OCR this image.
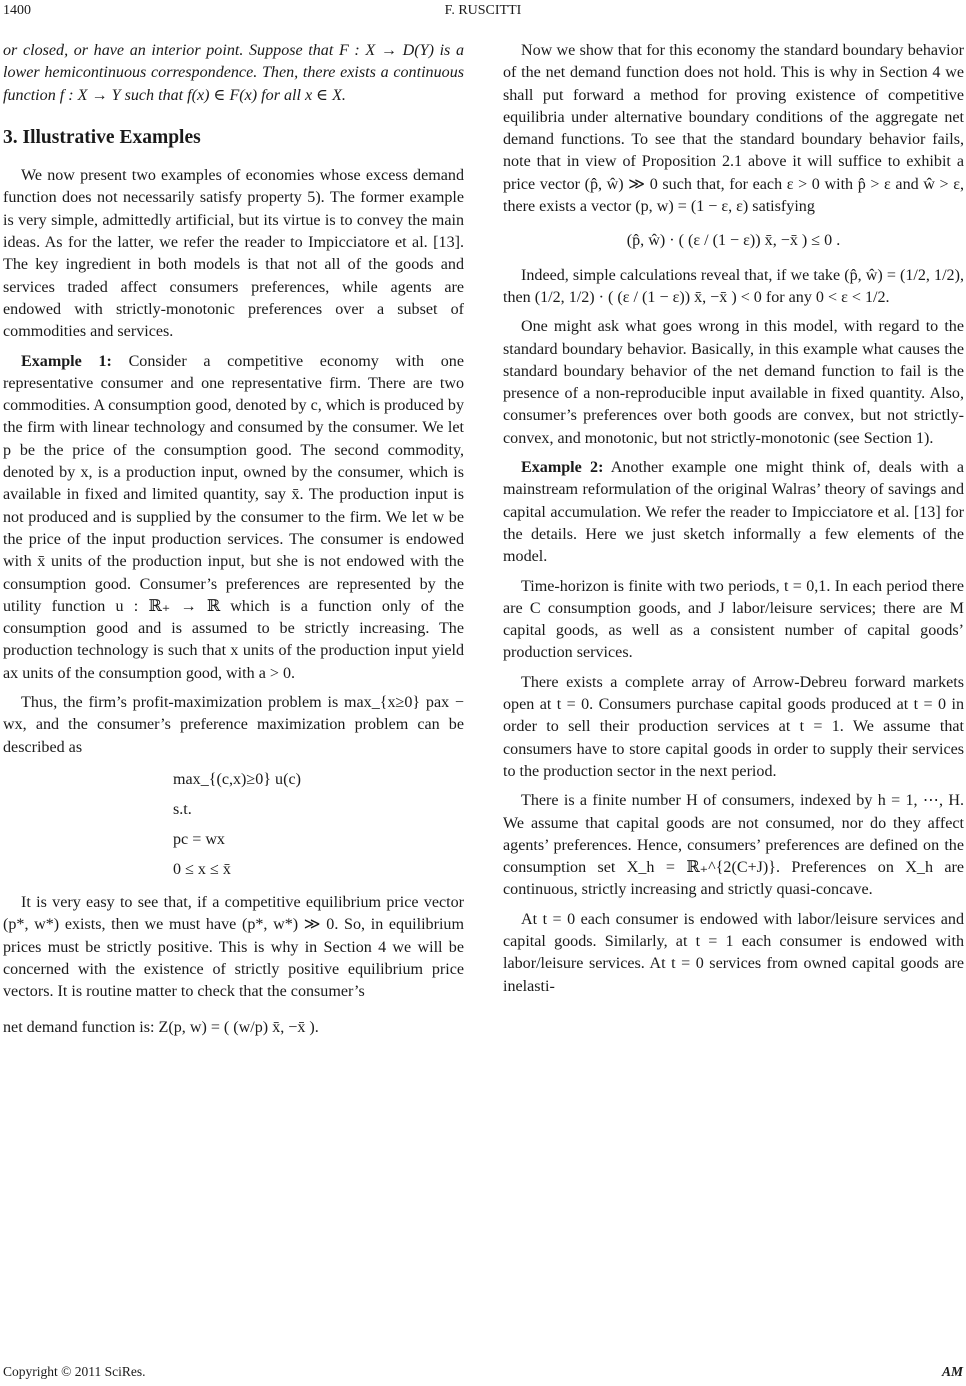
1400	F. RUSCITTI

or closed, or have an interior point. Suppose that F : X → D(Y) is a lower hemicontinuous correspondence. Then, there exists a continuous function f : X → Y such that f(x) ∈ F(x) for all x ∈ X.

3. Illustrative Examples

We now present two examples of economies whose excess demand function does not necessarily satisfy property 5). The former example is very simple, admittedly artificial, but its virtue is to convey the main ideas. As for the latter, we refer the reader to Impicciatore et al. [13]. The key ingredient in both models is that not all of the goods and services traded affect consumers preferences, while agents are endowed with strictly-monotonic preferences over a subset of commodities and services.

Example 1: Consider a competitive economy with one representative consumer and one representative firm. There are two commodities. A consumption good, denoted by c, which is produced by the firm with linear technology and consumed by the consumer. We let p be the price of the consumption good. The second commodity, denoted by x, is a production input, owned by the consumer, which is available in fixed and limited quantity, say x̄. The production input is not produced and is supplied by the consumer to the firm. We let w be the price of the input production services. The consumer is endowed with x̄ units of the production input, but she is not endowed with the consumption good. Consumer’s preferences are represented by the utility function u : ℝ₊ → ℝ which is a function only of the consumption good and is assumed to be strictly increasing. The production technology is such that x units of the production input yield ax units of the consumption good, with a > 0.

Thus, the firm’s profit-maximization problem is max_{x≥0} pax − wx, and the consumer’s preference maximization problem can be described as

max_{(c,x)≥0} u(c)
s.t.
pc = wx
0 ≤ x ≤ x̄

It is very easy to see that, if a competitive equilibrium price vector (p*, w*) exists, then we must have (p*, w*) ≫ 0. So, in equilibrium prices must be strictly positive. This is why in Section 4 we will be concerned with the existence of strictly positive equilibrium price vectors. It is routine matter to check that the consumer’s

net demand function is: Z(p, w) = ( (w/p) x̄, −x̄ ).

Now we show that for this economy the standard boundary behavior of the net demand function does not hold. This is why in Section 4 we shall put forward a method for proving existence of competitive equilibria under alternative boundary conditions of the aggregate net demand functions. To see that the standard boundary behavior fails, note that in view of Proposition 2.1 above it will suffice to exhibit a price vector (p̂, ŵ) ≫ 0 such that, for each ε > 0 with p̂ > ε and ŵ > ε, there exists a vector (p, w) = (1 − ε, ε) satisfying

(p̂, ŵ) · ( (ε / (1 − ε)) x̄, −x̄ ) ≤ 0 .

Indeed, simple calculations reveal that, if we take (p̂, ŵ) = (1/2, 1/2), then (1/2, 1/2) · ( (ε / (1 − ε)) x̄, −x̄ ) < 0 for any 0 < ε < 1/2.

One might ask what goes wrong in this model, with regard to the standard boundary behavior. Basically, in this example what causes the standard boundary behavior of the net demand function to fail is the presence of a non-reproducible input available in fixed quantity. Also, consumer’s preferences over both goods are convex, but not strictly-convex, and monotonic, but not strictly-monotonic (see Section 1).

Example 2: Another example one might think of, deals with a mainstream reformulation of the original Walras’ theory of savings and capital accumulation. We refer the reader to Impicciatore et al. [13] for the details. Here we just sketch informally a few elements of the model.

Time-horizon is finite with two periods, t = 0,1. In each period there are C consumption goods, and J labor/leisure services; there are M capital goods, as well as a consistent number of capital goods’ production services.

There exists a complete array of Arrow-Debreu forward markets open at t = 0. Consumers purchase capital goods produced at t = 0 in order to sell their production services at t = 1. We assume that consumers have to store capital goods in order to supply their services to the production sector in the next period.

There is a finite number H of consumers, indexed by h = 1, ⋯, H. We assume that capital goods are not consumed, nor do they affect agents’ preferences. Hence, consumers’ preferences are defined on the consumption set X_h = ℝ₊^{2(C+J)}. Preferences on X_h are continuous, strictly increasing and strictly quasi-concave.

At t = 0 each consumer is endowed with labor/leisure services and capital goods. Similarly, at t = 1 each consumer is endowed with labor/leisure services. At t = 0 services from owned capital goods are inelasti-

Copyright © 2011 SciRes.	AM
